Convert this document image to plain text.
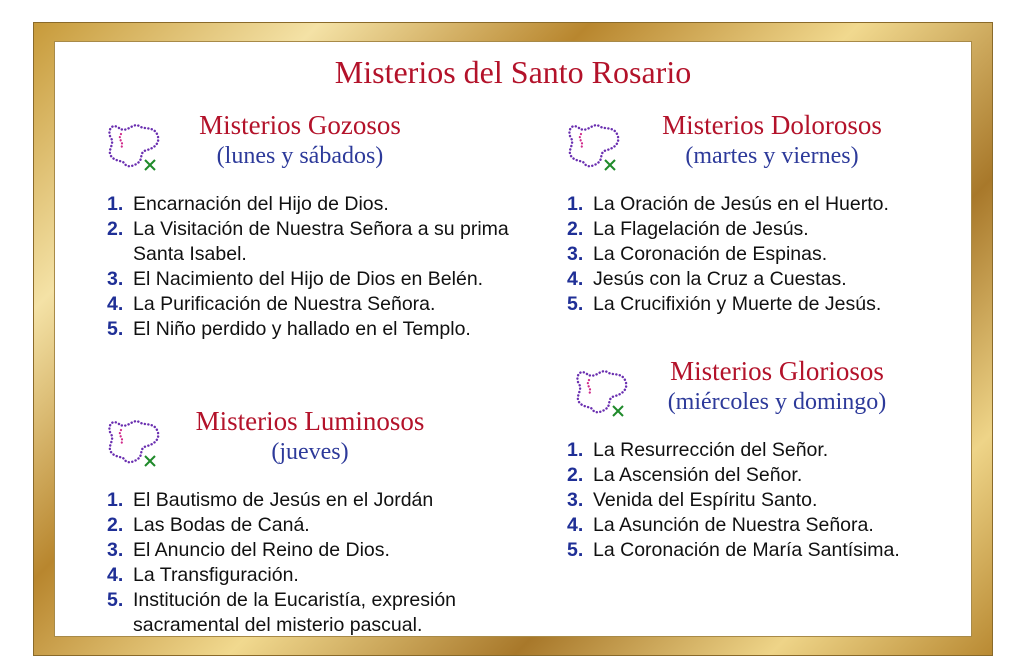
Misterios del Santo Rosario
Misterios Gozosos
(lunes y sábados)
1. Encarnación del Hijo de Dios.
2. La Visitación de Nuestra Señora a su prima Santa Isabel.
3. El Nacimiento del Hijo de Dios en Belén.
4. La Purificación de Nuestra Señora.
5. El Niño perdido y hallado en el Templo.
Misterios Luminosos
(jueves)
1. El Bautismo de Jesús en el Jordán
2. Las Bodas de Caná.
3. El Anuncio del Reino de Dios.
4. La Transfiguración.
5. Institución de la Eucaristía, expresión sacramental del misterio pascual.
Misterios Dolorosos
(martes y viernes)
1. La Oración de Jesús en el Huerto.
2. La Flagelación de Jesús.
3. La Coronación de Espinas.
4. Jesús con la Cruz a Cuestas.
5. La Crucifixión y Muerte de Jesús.
Misterios Gloriosos
(miércoles y domingo)
1. La Resurrección del Señor.
2. La Ascensión del Señor.
3. Venida del Espíritu Santo.
4. La Asunción de Nuestra Señora.
5. La Coronación de María Santísima.
